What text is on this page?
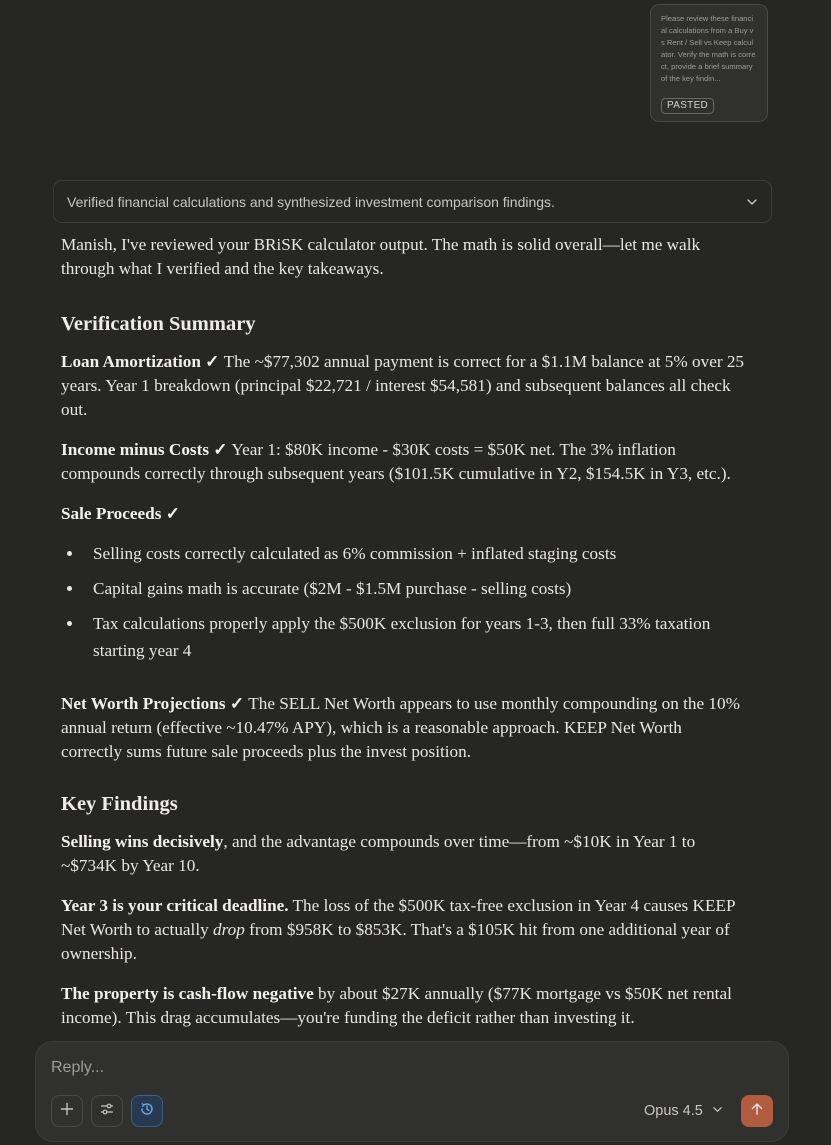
Please review these financial calculations from a Buy vs Rent / Sell vs Keep calculator. Verify the math is correct, provide a brief summary of the key findin...
PASTED
Verified financial calculations and synthesized investment comparison findings.

Manish, I've reviewed your BRiSK calculator output. The math is solid overall—let me walk through what I verified and the key takeaways.

Verification Summary

Loan Amortization ✓ The ~$77,302 annual payment is correct for a $1.1M balance at 5% over 25 years. Year 1 breakdown (principal $22,721 / interest $54,581) and subsequent balances all check out.

Income minus Costs ✓ Year 1: $80K income - $30K costs = $50K net. The 3% inflation compounds correctly through subsequent years ($101.5K cumulative in Y2, $154.5K in Y3, etc.).

Sale Proceeds ✓

Selling costs correctly calculated as 6% commission + inflated staging costs
Capital gains math is accurate ($2M - $1.5M purchase - selling costs)
Tax calculations properly apply the $500K exclusion for years 1-3, then full 33% taxation starting year 4

Net Worth Projections ✓ The SELL Net Worth appears to use monthly compounding on the 10% annual return (effective ~10.47% APY), which is a reasonable approach. KEEP Net Worth correctly sums future sale proceeds plus the invest position.

Key Findings

Selling wins decisively, and the advantage compounds over time—from ~$10K in Year 1 to ~$734K by Year 10.

Year 3 is your critical deadline. The loss of the $500K tax-free exclusion in Year 4 causes KEEP Net Worth to actually drop from $958K to $853K. That's a $105K hit from one additional year of ownership.

The property is cash-flow negative by about $27K annually ($77K mortgage vs $50K net rental income). This drag accumulates—you're funding the deficit rather than investing it.

Reply...
Opus 4.5
